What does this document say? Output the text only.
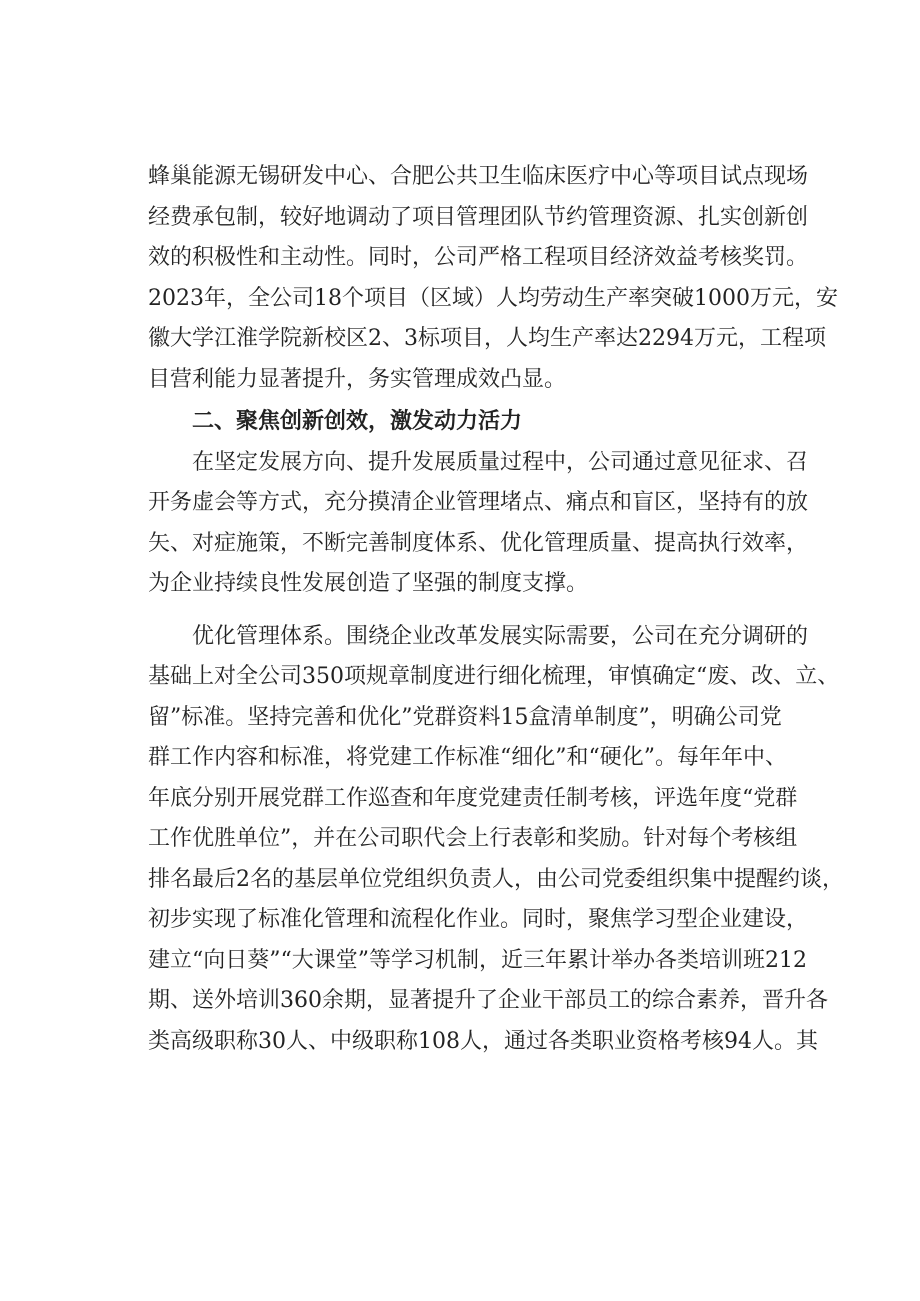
蜂巢能源无锡研发中心、合肥公共卫生临床医疗中心等项目试点现场
经费承包制，较好地调动了项目管理团队节约管理资源、扎实创新创
效的积极性和主动性。同时，公司严格工程项目经济效益考核奖罚。
2023年，全公司18个项目（区域）人均劳动生产率突破1000万元，安
徽大学江淮学院新校区2、3标项目，人均生产率达2294万元，工程项
目营利能力显著提升，务实管理成效凸显。
二、聚焦创新创效，激发动力活力
在坚定发展方向、提升发展质量过程中，公司通过意见征求、召
开务虚会等方式，充分摸清企业管理堵点、痛点和盲区，坚持有的放
矢、对症施策，不断完善制度体系、优化管理质量、提高执行效率，
为企业持续良性发展创造了坚强的制度支撑。
优化管理体系。围绕企业改革发展实际需要，公司在充分调研的
基础上对全公司350项规章制度进行细化梳理，审慎确定“废、改、立、
留”标准。坚持完善和优化”党群资料15盒清单制度”，明确公司党
群工作内容和标准，将党建工作标准“细化”和“硬化”。每年年中、
年底分别开展党群工作巡查和年度党建责任制考核，评选年度“党群
工作优胜单位”，并在公司职代会上行表彰和奖励。针对每个考核组
排名最后2名的基层单位党组织负责人，由公司党委组织集中提醒约谈，
初步实现了标准化管理和流程化作业。同时，聚焦学习型企业建设，
建立“向日葵”“大课堂”等学习机制，近三年累计举办各类培训班212
期、送外培训360余期，显著提升了企业干部员工的综合素养，晋升各
类高级职称30人、中级职称108人，通过各类职业资格考核94人。其
